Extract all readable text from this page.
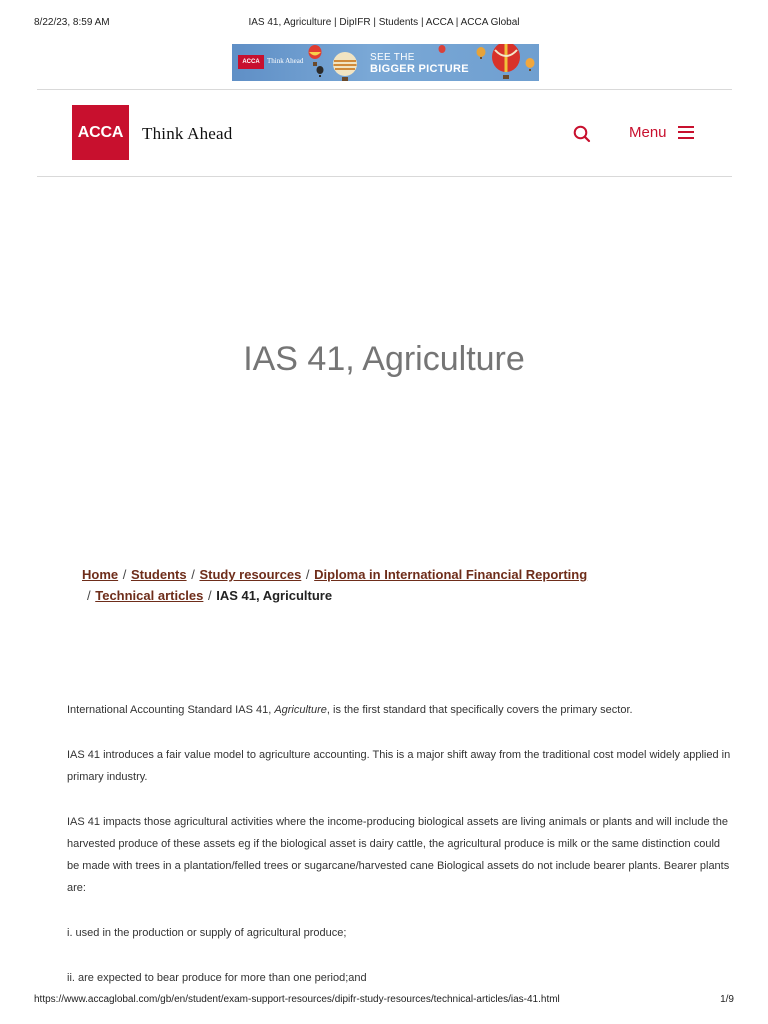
8/22/23, 8:59 AM	IAS 41, Agriculture | DipIFR | Students | ACCA | ACCA Global
ACCA	Think Ahead	SEE THE
BIGGER PICTURE
ACCA	Think Ahead	Menu
IAS 41, Agriculture
Home / Students / Study resources / Diploma in International Financial Reporting
/ Technical articles / IAS 41, Agriculture

International Accounting Standard IAS 41, Agriculture, is the first standard that specifically covers the primary sector.

IAS 41 introduces a fair value model to agriculture accounting. This is a major shift away from the traditional cost model widely applied in primary industry.

IAS 41 impacts those agricultural activities where the income-producing biological assets are living animals or plants and will include the harvested produce of these assets eg if the biological asset is dairy cattle, the agricultural produce is milk or the same distinction could be made with trees in a plantation/felled trees or sugarcane/harvested cane Biological assets do not include bearer plants. Bearer plants are:

i. used in the production or supply of agricultural produce;

ii. are expected to bear produce for more than one period;and

https://www.accaglobal.com/gb/en/student/exam-support-resources/dipifr-study-resources/technical-articles/ias-41.html	1/9
